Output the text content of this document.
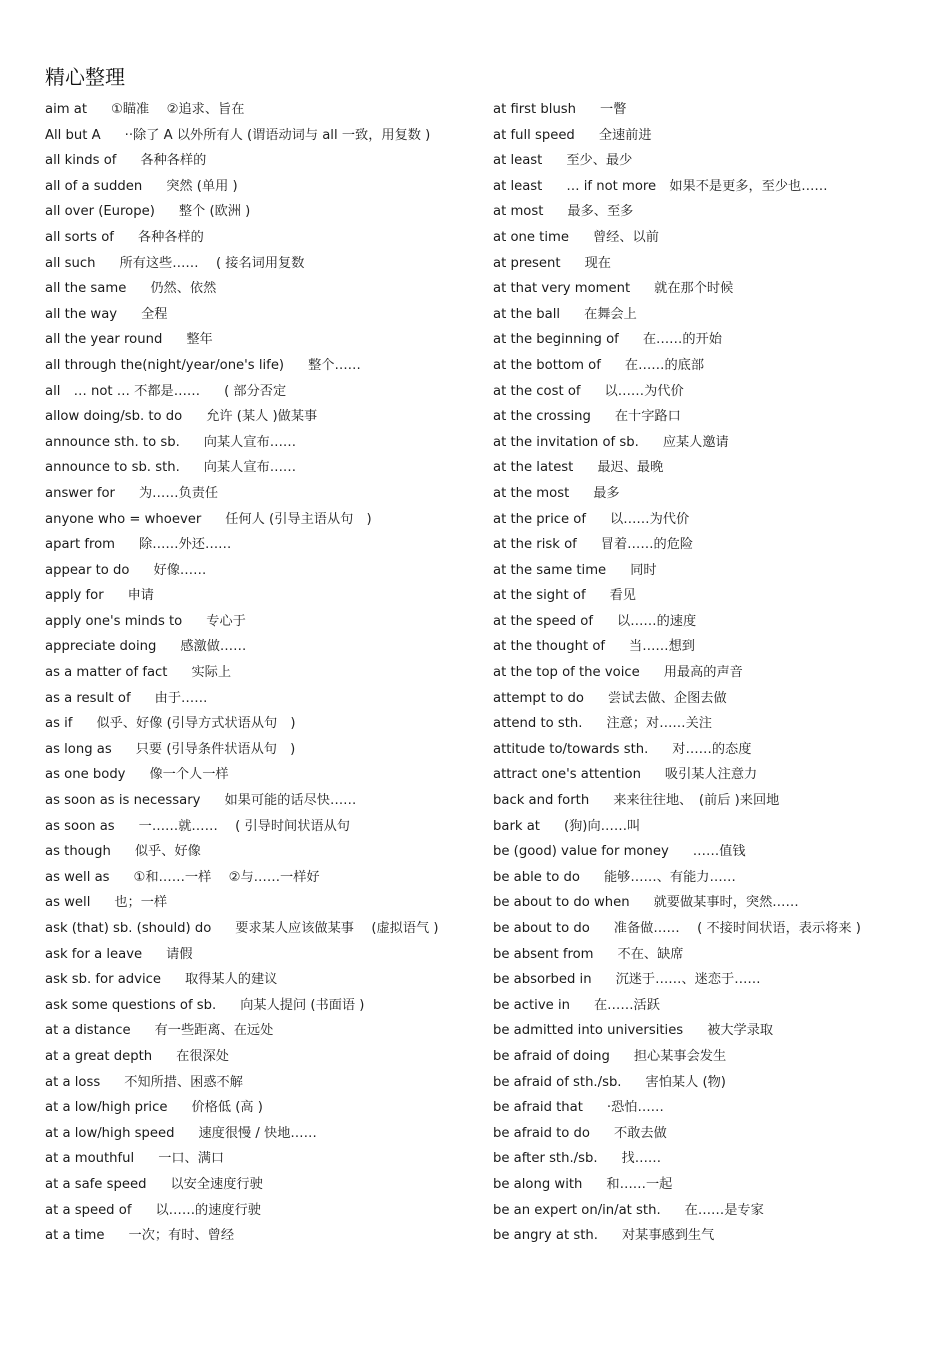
精心整理
aim at ①瞄准　 ②追求、旨在
All but A ··除了 A 以外所有人 (谓语动词与 all 一致，用复数 )
all kinds of 各种各样的
all of a sudden 突然 (单用 )
all over (Europe) 整个 (欧洲 )
all sorts of 各种各样的
all such 所有这些……　 ( 接名词用复数
all the same 仍然、依然
all the way 全程
all the year round 整年
all through the(night/year/one's life) 整个……
all　… not … 不都是…… ( 部分否定
allow doing/sb. to do 允许 (某人 )做某事
announce sth. to sb. 向某人宣布……
announce to sb. sth. 向某人宣布……
answer for 为……负责任
anyone who = whoever 任何人 (引导主语从句　)
apart from 除……外还……
appear to do 好像……
apply for 申请
apply one's minds to 专心于
appreciate doing 感激做……
as a matter of fact 实际上
as a result of 由于……
as if 似乎、好像 (引导方式状语从句　)
as long as 只要 (引导条件状语从句　)
as one body 像一个人一样
as soon as is necessary 如果可能的话尽快……
as soon as 一……就……　 ( 引导时间状语从句
as though 似乎、好像
as well as ①和……一样　 ②与……一样好
as well 也；一样
ask (that) sb. (should) do 要求某人应该做某事　 (虚拟语气 )
ask for a leave 请假
ask sb. for advice 取得某人的建议
ask some questions of sb. 向某人提问 (书面语 )
at a distance 有一些距离、在远处
at a great depth 在很深处
at a loss 不知所措、困惑不解
at a low/high price 价格低 (高 )
at a low/high speed 速度很慢 / 快地……
at a mouthful 一口、满口
at a safe speed 以安全速度行驶
at a speed of 以……的速度行驶
at a time 一次；有时、曾经
at first blush 一瞥
at full speed 全速前进
at least 至少、最少
at least … if not more　如果不是更多，至少也……
at most 最多、至多
at one time 曾经、以前
at present 现在
at that very moment 就在那个时候
at the ball 在舞会上
at the beginning of 在……的开始
at the bottom of 在……的底部
at the cost of 以……为代价
at the crossing 在十字路口
at the invitation of sb. 应某人邀请
at the latest 最迟、最晚
at the most 最多
at the price of 以……为代价
at the risk of 冒着……的危险
at the same time 同时
at the sight of 看见
at the speed of 以……的速度
at the thought of 当……想到
at the top of the voice 用最高的声音
attempt to do 尝试去做、企图去做
attend to sth. 注意；对……关注
attitude to/towards sth. 对……的态度
attract one's attention 吸引某人注意力
back and forth 来来往往地、　(前后 )来回地
bark at (狗)向……叫
be (good) value for money ……值钱
be able to do 能够……、有能力……
be about to do when 就要做某事时，突然……
be about to do 准备做……　 ( 不接时间状语，表示将来 )
be absent from 不在、缺席
be absorbed in 沉迷于……、迷恋于……
be active in 在……活跃
be admitted into universities 被大学录取
be afraid of doing 担心某事会发生
be afraid of sth./sb. 害怕某人 (物)
be afraid that ·恐怕……
be afraid to do 不敢去做
be after sth./sb. 找……
be along with 和……一起
be an expert on/in/at sth. 在……是专家
be angry at sth. 对某事感到生气
